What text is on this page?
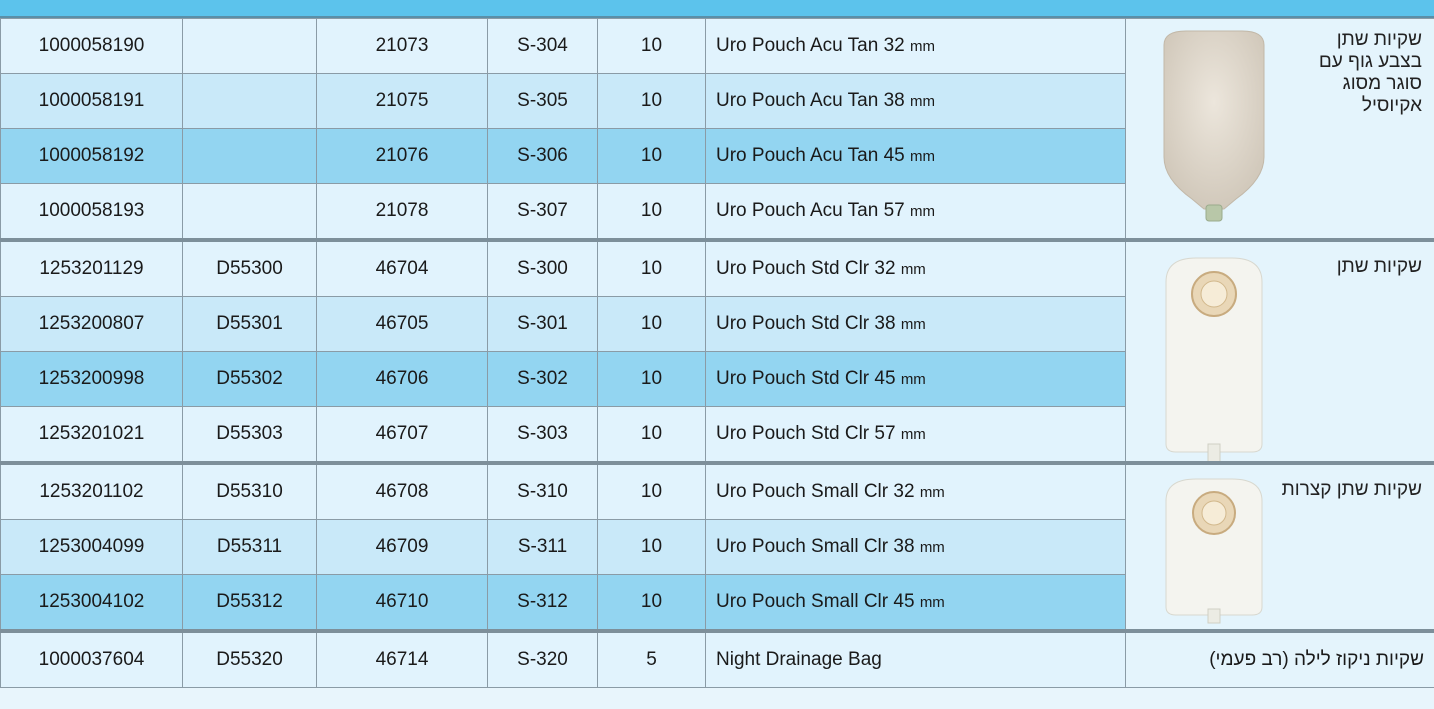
1000058190		21073	S-304	10	Uro Pouch Acu Tan 32 mm	שקיות שתן בצבע גוף עם סוגר מסוג אקיוסיל

1000058191		21075	S-305	10	Uro Pouch Acu Tan 38 mm	
1000058192		21076	S-306	10	Uro Pouch Acu Tan 45 mm	
1000058193		21078	S-307	10	Uro Pouch Acu Tan 57 mm	
1253201129	D55300	46704	S-300	10	Uro Pouch Std Clr 32 mm	שקיות שתן

1253200807	D55301	46705	S-301	10	Uro Pouch Std Clr 38 mm	
1253200998	D55302	46706	S-302	10	Uro Pouch Std Clr 45 mm	
1253201021	D55303	46707	S-303	10	Uro Pouch Std Clr 57 mm	
1253201102	D55310	46708	S-310	10	Uro Pouch Small Clr 32 mm	שקיות שתן קצרות

1253004099	D55311	46709	S-311	10	Uro Pouch Small Clr 38 mm	
1253004102	D55312	46710	S-312	10	Uro Pouch Small Clr 45 mm	
1000037604	D55320	46714	S-320	5	Night Drainage Bag	שקיות ניקוז לילה (רב פעמי)
